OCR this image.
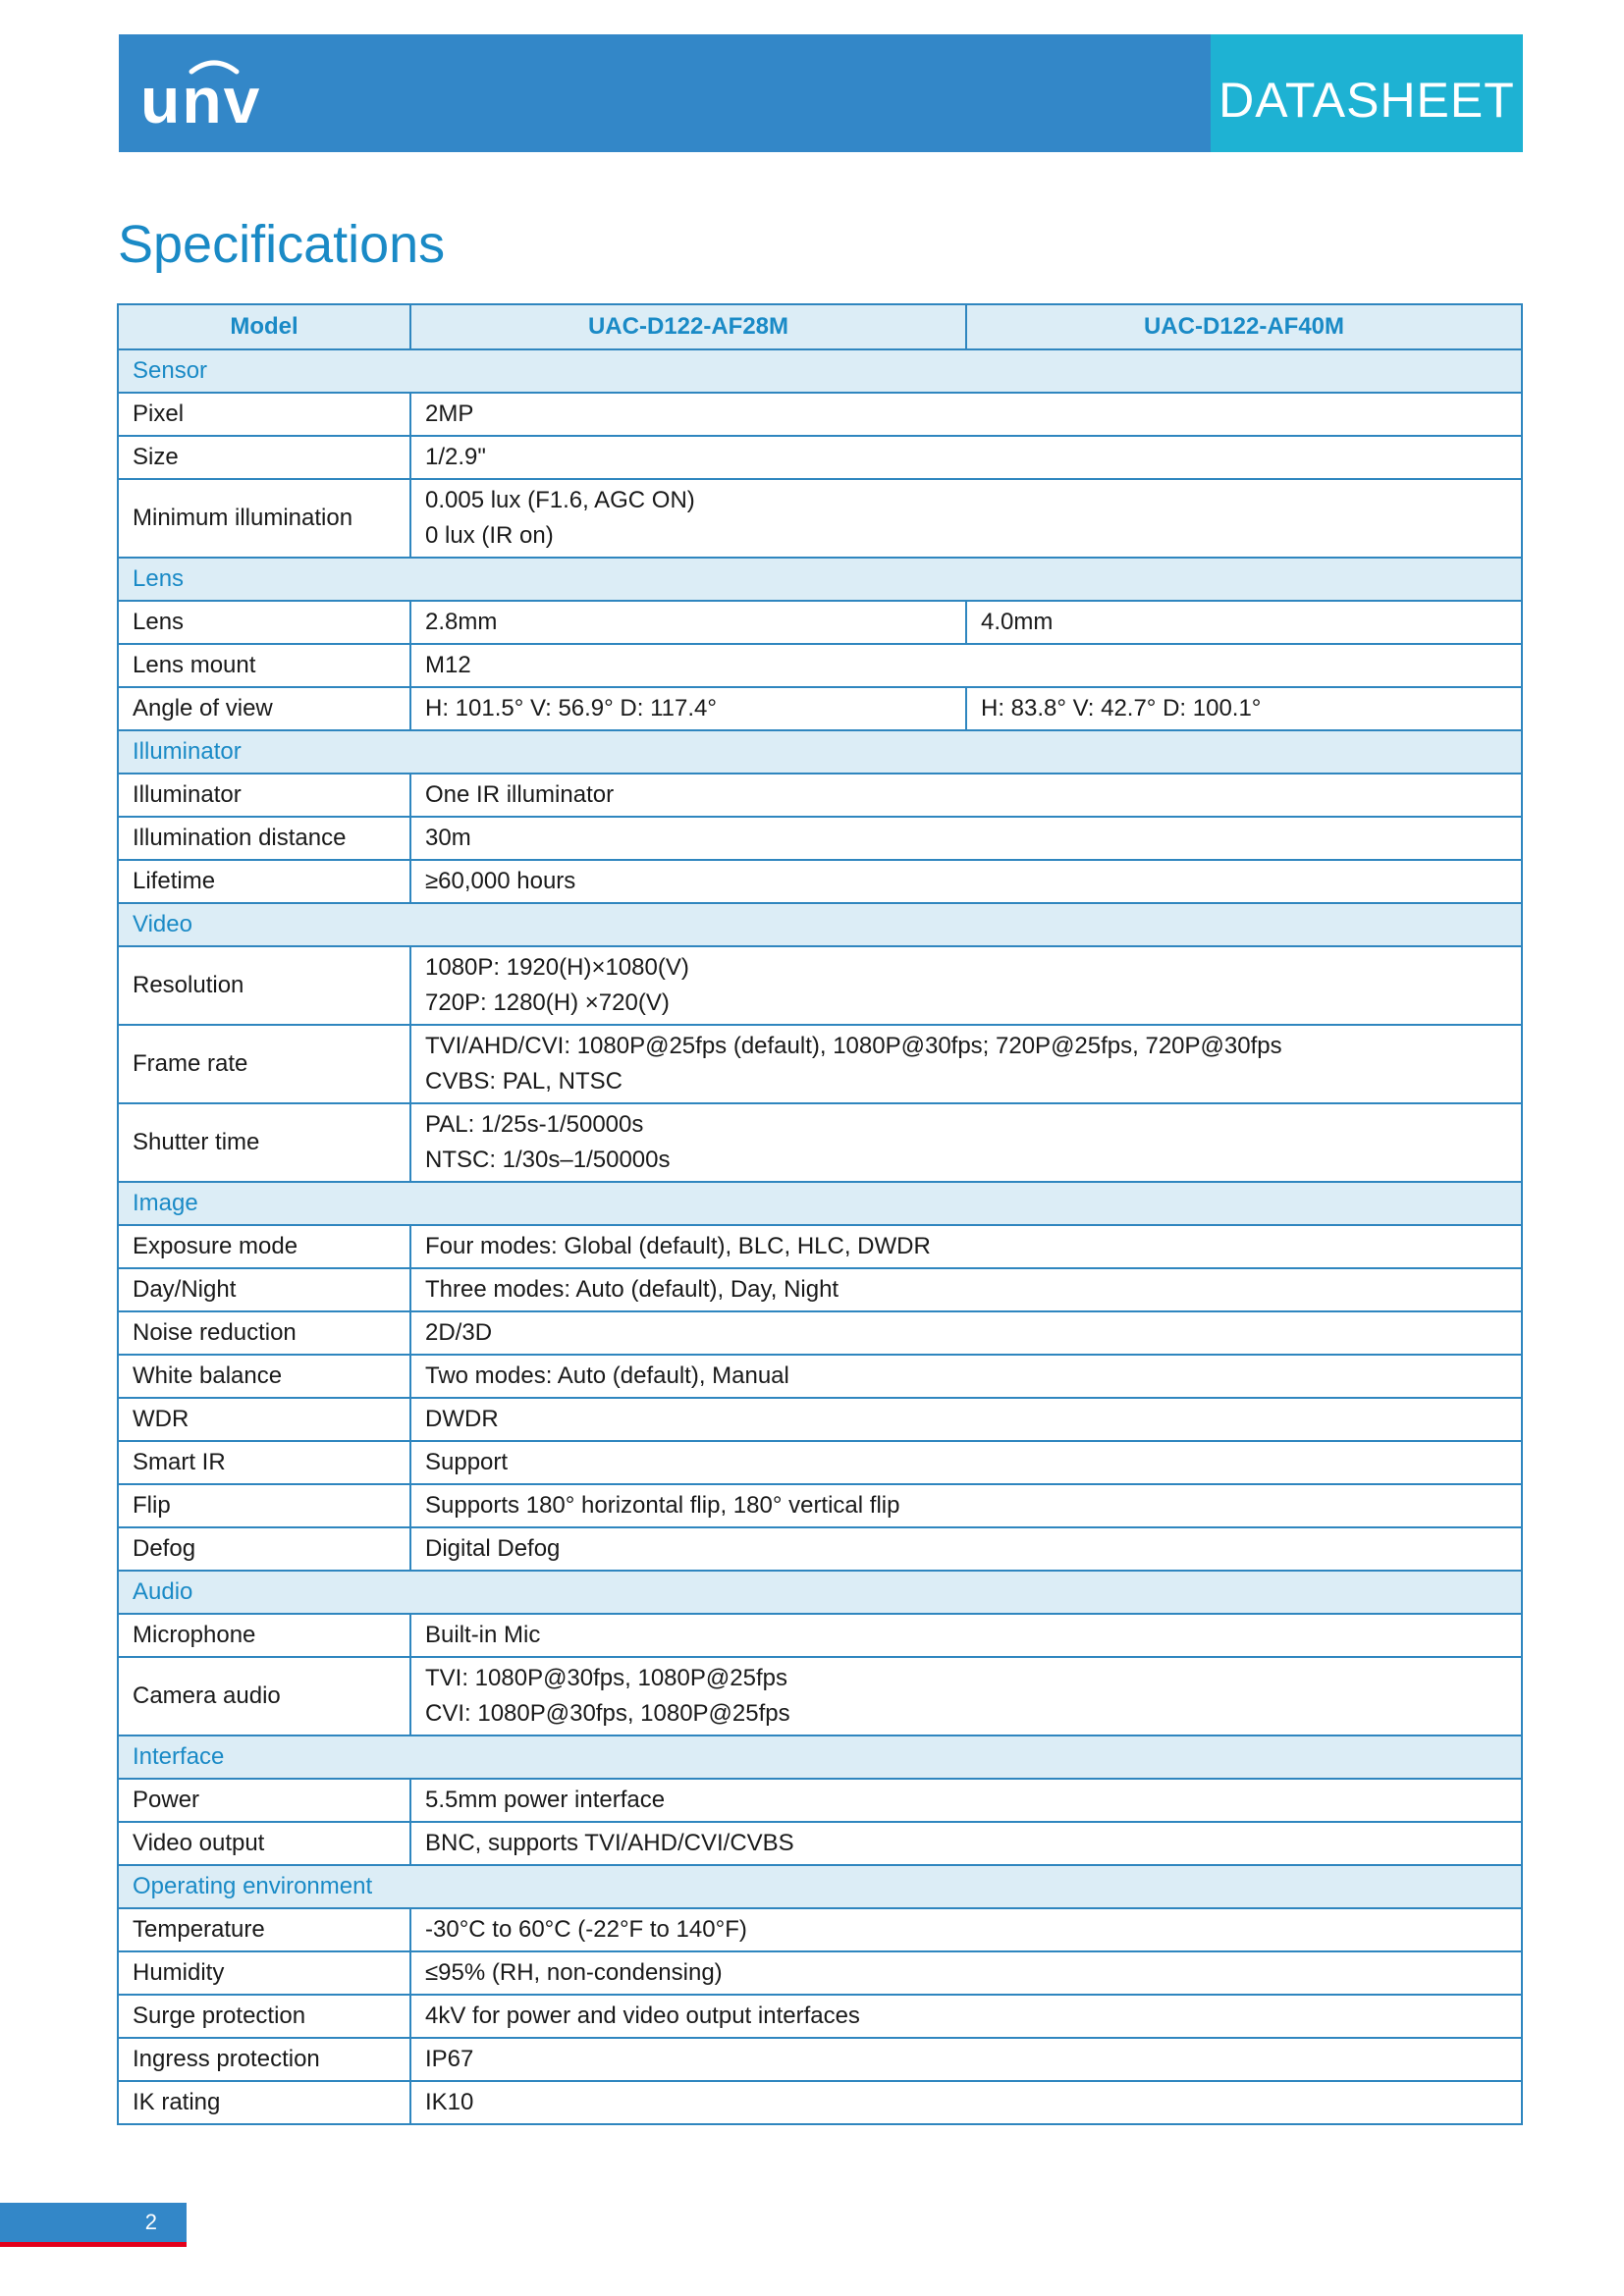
unv	DATASHEET
Specifications
Model	UAC-D122-AF28M	UAC-D122-AF40M
Sensor		
Pixel	2MP	

Size	1/2.9"	

Minimum illumination	0.005 lux (F1.6, AGC ON)
0 lux (IR on)	

Lens		
Lens	2.8mm	4.0mm
Lens mount	M12	

Angle of view	H: 101.5° V: 56.9° D: 117.4°	H: 83.8° V: 42.7° D: 100.1°
Illuminator		
Illuminator	One IR illuminator	

Illumination distance	30m	

Lifetime	≥60,000 hours	

Video		
Resolution	1080P: 1920(H)×1080(V)
720P: 1280(H) ×720(V)	

Frame rate	TVI/AHD/CVI: 1080P@25fps (default), 1080P@30fps; 720P@25fps, 720P@30fps
CVBS: PAL, NTSC	

Shutter time	PAL: 1/25s-1/50000s
NTSC: 1/30s–1/50000s	

Image		
Exposure mode	Four modes: Global (default), BLC, HLC, DWDR	

Day/Night	Three modes: Auto (default), Day, Night	

Noise reduction	2D/3D	

White balance	Two modes: Auto (default), Manual	

WDR	DWDR	

Smart IR	Support	

Flip	Supports 180° horizontal flip, 180° vertical flip	

Defog	Digital Defog	

Audio		
Microphone	Built-in Mic	

Camera audio	TVI: 1080P@30fps, 1080P@25fps
CVI: 1080P@30fps, 1080P@25fps	

Interface		
Power	5.5mm power interface	

Video output	BNC, supports TVI/AHD/CVI/CVBS	

Operating environment		
Temperature	-30°C to 60°C (-22°F to 140°F)	

Humidity	≤95% (RH, non-condensing)	

Surge protection	4kV for power and video output interfaces	

Ingress protection	IP67	

IK rating	IK10	
2
